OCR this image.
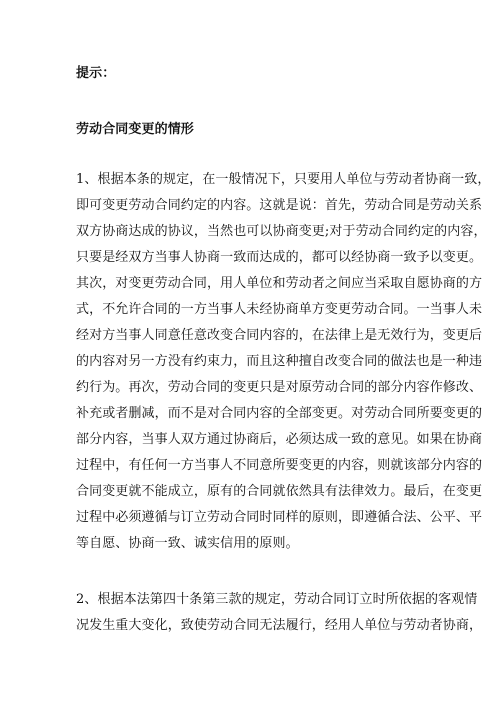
提示：
劳动合同变更的情形
1、根据本条的规定，在一般情况下，只要用人单位与劳动者协商一致，
即可变更劳动合同约定的内容。这就是说：首先，劳动合同是劳动关系
双方协商达成的协议，当然也可以协商变更;对于劳动合同约定的内容，
只要是经双方当事人协商一致而达成的，都可以经协商一致予以变更。
其次，对变更劳动合同，用人单位和劳动者之间应当采取自愿协商的方
式，不允许合同的一方当事人未经协商单方变更劳动合同。一当事人未
经对方当事人同意任意改变合同内容的，在法律上是无效行为，变更后
的内容对另一方没有约束力，而且这种擅自改变合同的做法也是一种违
约行为。再次，劳动合同的变更只是对原劳动合同的部分内容作修改、
补充或者删减，而不是对合同内容的全部变更。对劳动合同所要变更的
部分内容，当事人双方通过协商后，必须达成一致的意见。如果在协商
过程中，有任何一方当事人不同意所要变更的内容，则就该部分内容的
合同变更就不能成立，原有的合同就依然具有法律效力。最后，在变更
过程中必须遵循与订立劳动合同时同样的原则，即遵循合法、公平、平
等自愿、协商一致、诚实信用的原则。
2、根据本法第四十条第三款的规定，劳动合同订立时所依据的客观情
况发生重大变化，致使劳动合同无法履行，经用人单位与劳动者协商，
